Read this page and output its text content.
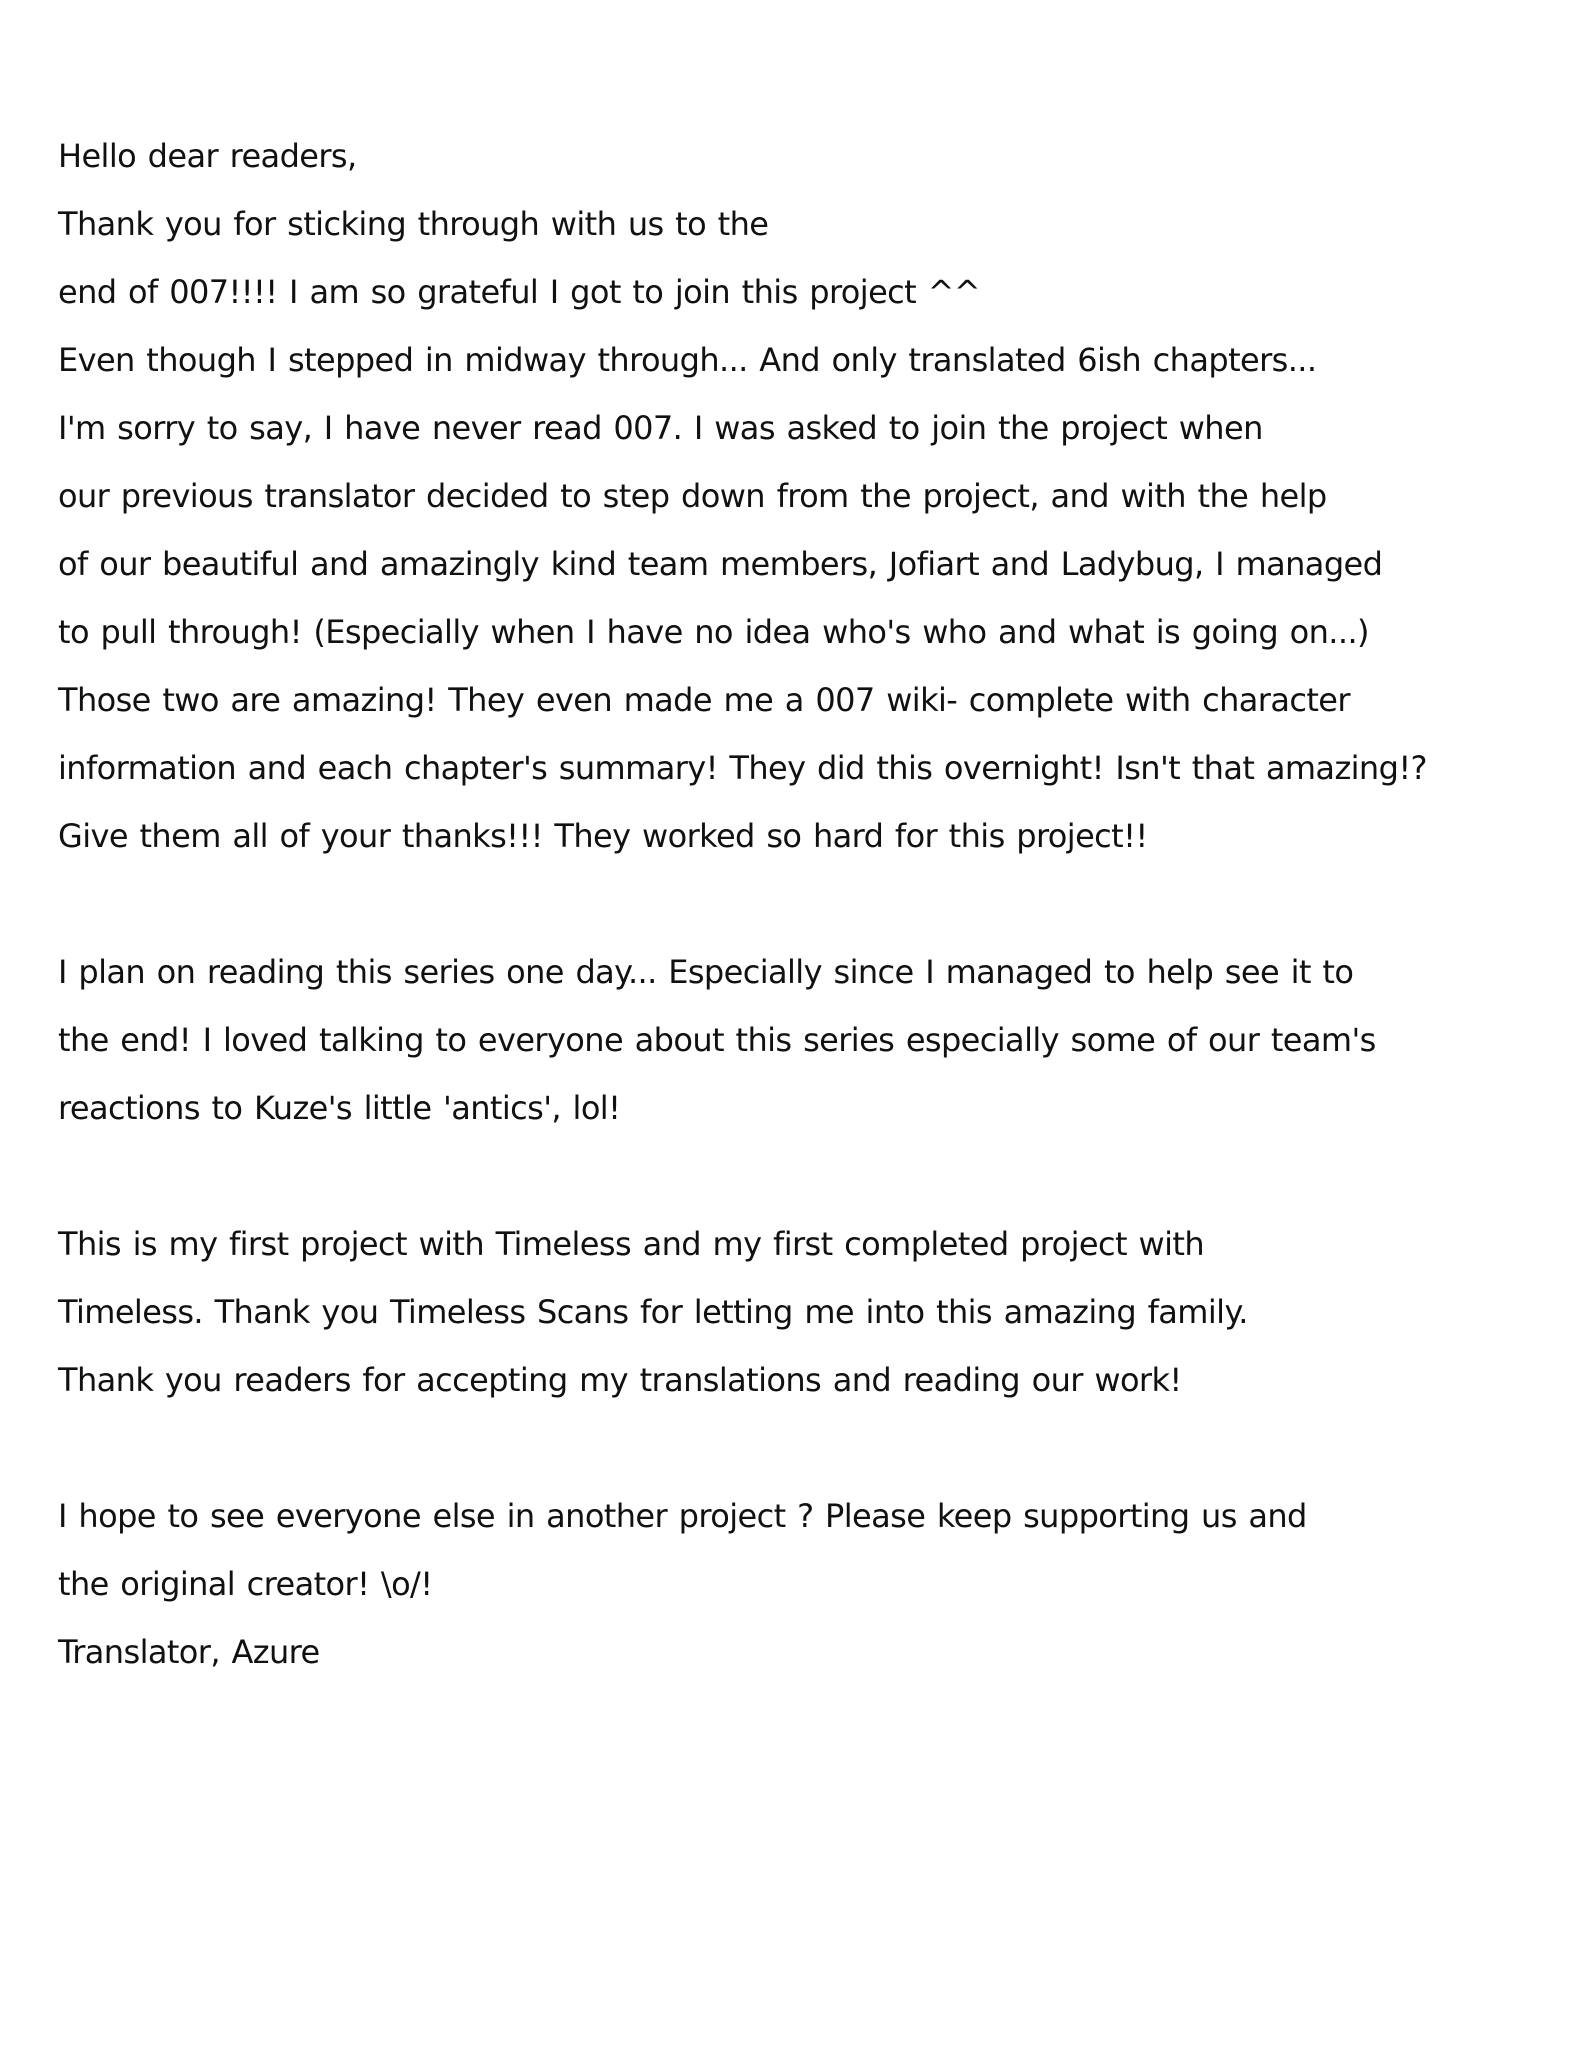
Hello dear readers,
Thank you for sticking through with us to the
end of 007!!!! I am so grateful I got to join this project ^^
Even though I stepped in midway through... And only translated 6ish chapters...
I'm sorry to say, I have never read 007. I was asked to join the project when
our previous translator decided to step down from the project, and with the help
of our beautiful and amazingly kind team members, Jofiart and Ladybug, I managed
to pull through! (Especially when I have no idea who's who and what is going on...)
Those two are amazing! They even made me a 007 wiki- complete with character
information and each chapter's summary! They did this overnight! Isn't that amazing!?
Give them all of your thanks!!! They worked so hard for this project!!
I plan on reading this series one day... Especially since I managed to help see it to
the end! I loved talking to everyone about this series especially some of our team's
reactions to Kuze's little 'antics', lol!
This is my first project with Timeless and my first completed project with
Timeless. Thank you Timeless Scans for letting me into this amazing family.
Thank you readers for accepting my translations and reading our work!
I hope to see everyone else in another project ? Please keep supporting us and
the original creator! \o/!
Translator, Azure
